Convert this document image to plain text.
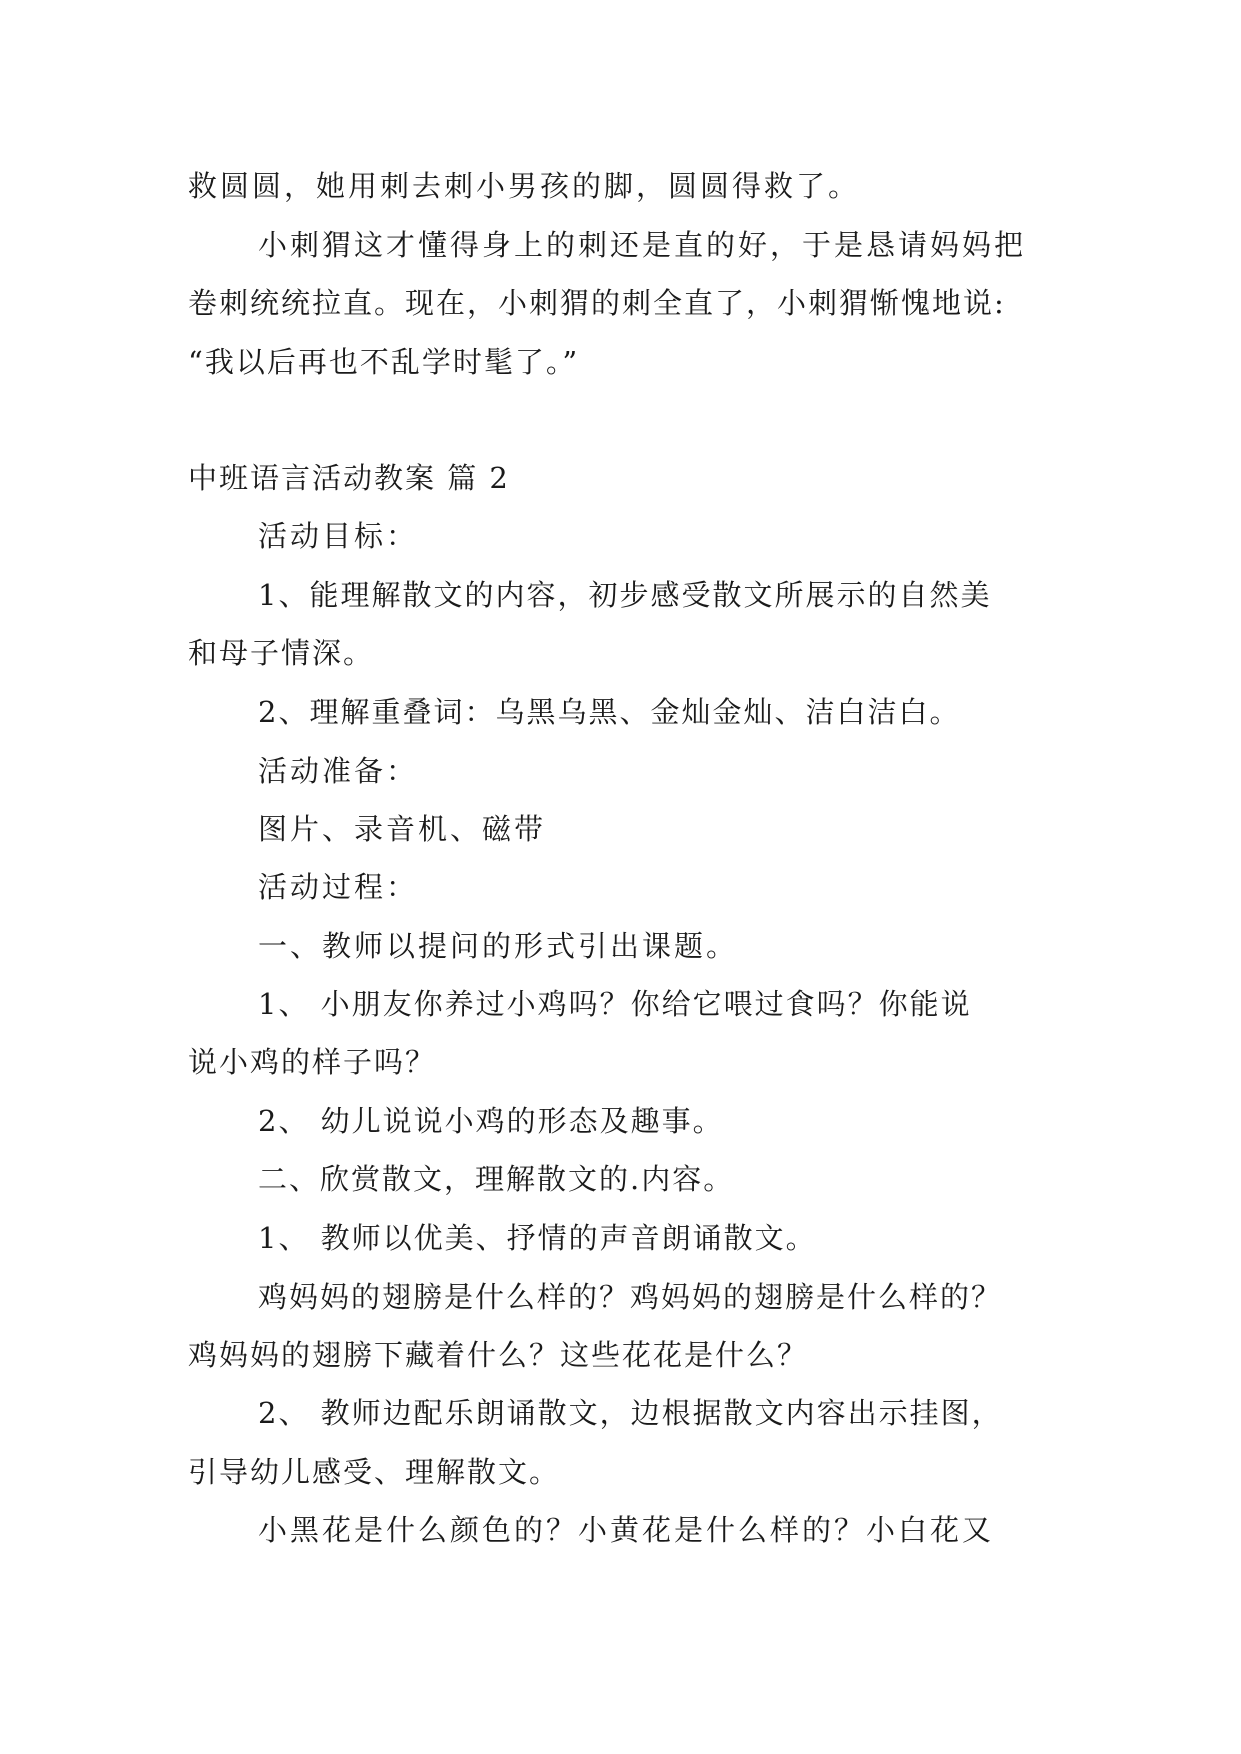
救圆圆，她用刺去刺小男孩的脚，圆圆得救了。
小刺猬这才懂得身上的刺还是直的好，于是恳请妈妈把
卷刺统统拉直。现在，小刺猬的刺全直了，小刺猬惭愧地说:
“我以后再也不乱学时髦了。”
中班语言活动教案 篇 2
活动目标：
1、能理解散文的内容，初步感受散文所展示的自然美
和母子情深。
2、理解重叠词：乌黑乌黑、金灿金灿、洁白洁白。
活动准备：
图片、录音机、磁带
活动过程：
一、教师以提问的形式引出课题。
1、 小朋友你养过小鸡吗？你给它喂过食吗？你能说
说小鸡的样子吗？
2、 幼儿说说小鸡的形态及趣事。
二、欣赏散文，理解散文的.内容。
1、 教师以优美、抒情的声音朗诵散文。
鸡妈妈的翅膀是什么样的？鸡妈妈的翅膀是什么样的？
鸡妈妈的翅膀下藏着什么？这些花花是什么？
2、 教师边配乐朗诵散文，边根据散文内容出示挂图，
引导幼儿感受、理解散文。
小黑花是什么颜色的？小黄花是什么样的？小白花又
